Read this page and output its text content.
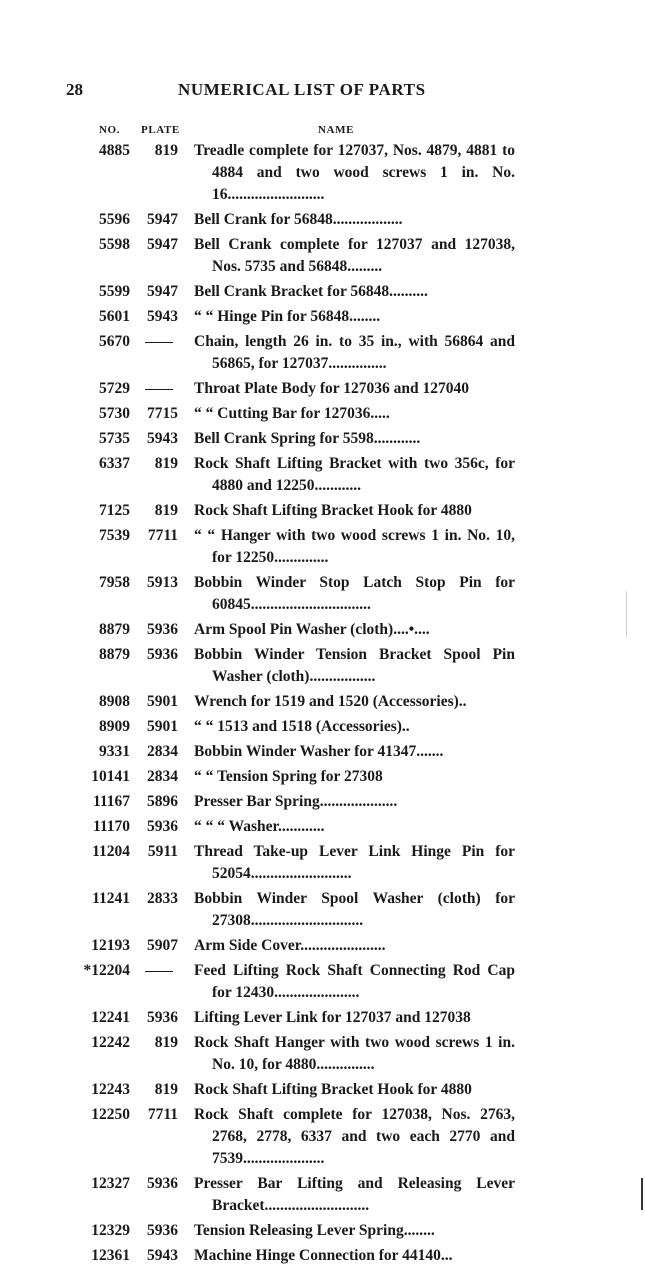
28	NUMERICAL LIST OF PARTS
NO. PLATE	NAME
4885	819 Treadle complete for 127037, Nos. 4879, 4881 to 4884 and two wood screws 1 in. No. 16.........................
5596	5947 Bell Crank for 56848..................
5598	5947 Bell Crank complete for 127037 and 127038, Nos. 5735 and 56848.........
5599	5947 Bell Crank Bracket for 56848..........
5601	5943 “ “ Hinge Pin for 56848........
5670	Chain, length 26 in. to 35 in., with 56864 and 56865, for 127037...............
5729	Throat Plate Body for 127036 and 127040
5730	7715 “ “ Cutting Bar for 127036.....
5735	5943 Bell Crank Spring for 5598............
6337	819 Rock Shaft Lifting Bracket with two 356c, for 4880 and 12250............
7125	819 Rock Shaft Lifting Bracket Hook for 4880
7539	7711 “ “ Hanger with two wood screws 1 in. No. 10, for 12250..............
7958	5913 Bobbin Winder Stop Latch Stop Pin for 60845...............................
8879	5936 Arm Spool Pin Washer (cloth)....•....
8879	5936 Bobbin Winder Tension Bracket Spool Pin Washer (cloth).................
8908	5901 Wrench for 1519 and 1520 (Accessories)..
8909	5901 “ “ 1513 and 1518 (Accessories)..
9331	2834 Bobbin Winder Washer for 41347.......
10141	2834 “ “ Tension Spring for 27308
11167	5896 Presser Bar Spring....................
11170	5936 “ “ “ Washer............
11204	5911 Thread Take-up Lever Link Hinge Pin for 52054..........................
11241	2833 Bobbin Winder Spool Washer (cloth) for 27308.............................
12193	5907 Arm Side Cover......................
*12204	Feed Lifting Rock Shaft Connecting Rod Cap for 12430......................
12241	5936 Lifting Lever Link for 127037 and 127038
12242	819 Rock Shaft Hanger with two wood screws 1 in. No. 10, for 4880...............
12243	819 Rock Shaft Lifting Bracket Hook for 4880
12250	7711 Rock Shaft complete for 127038, Nos. 2763, 2768, 2778, 6337 and two each 2770 and 7539.....................
12327	5936 Presser Bar Lifting and Releasing Lever Bracket...........................
12329	5936 Tension Releasing Lever Spring........
12361	5943 Machine Hinge Connection for 44140...
